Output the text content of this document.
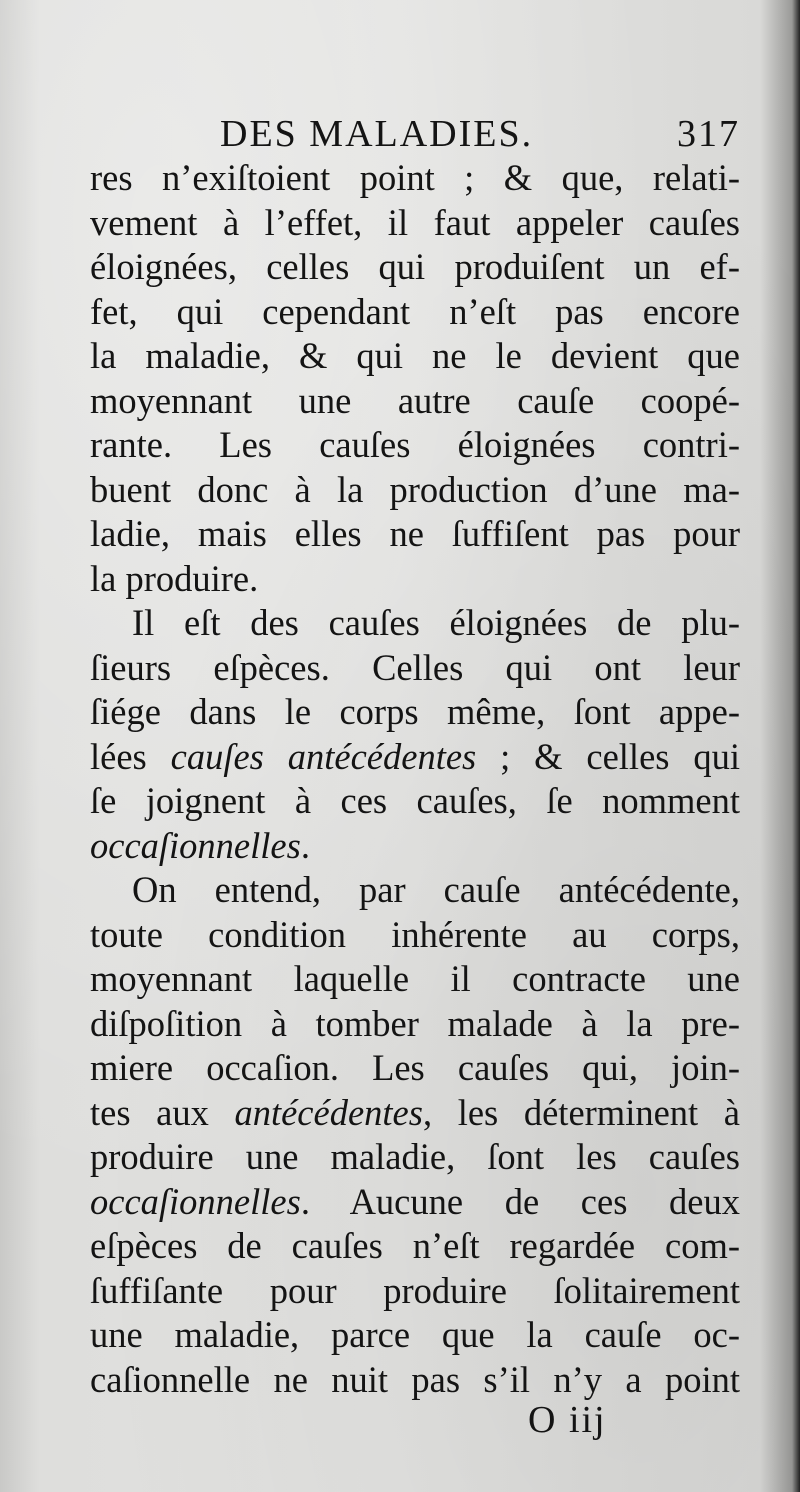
DES MALADIES.	317
res n’exiſtoient point ; & que, relati-
vement à l’effet, il faut appeler cauſes
éloignées, celles qui produiſent un ef-
fet, qui cependant n’eſt pas encore
la maladie, & qui ne le devient que
moyennant une autre cauſe coopé-
rante. Les cauſes éloignées contri-
buent donc à la production d’une ma-
ladie, mais elles ne ſuffiſent pas pour
la produire.
Il eſt des cauſes éloignées de plu-
ſieurs eſpèces. Celles qui ont leur
ſiége dans le corps même, ſont appe-
lées cauſes antécédentes ; & celles qui
ſe joignent à ces cauſes, ſe nomment
occaſionnelles.
On entend, par cauſe antécédente,
toute condition inhérente au corps,
moyennant laquelle il contracte une
diſpoſition à tomber malade à la pre-
miere occaſion. Les cauſes qui, join-
tes aux antécédentes, les déterminent à
produire une maladie, ſont les cauſes
occaſionnelles. Aucune de ces deux
eſpèces de cauſes n’eſt regardée com-
ſuffiſante pour produire ſolitairement
une maladie, parce que la cauſe oc-
caſionnelle ne nuit pas s’il n’y a point
O iij
